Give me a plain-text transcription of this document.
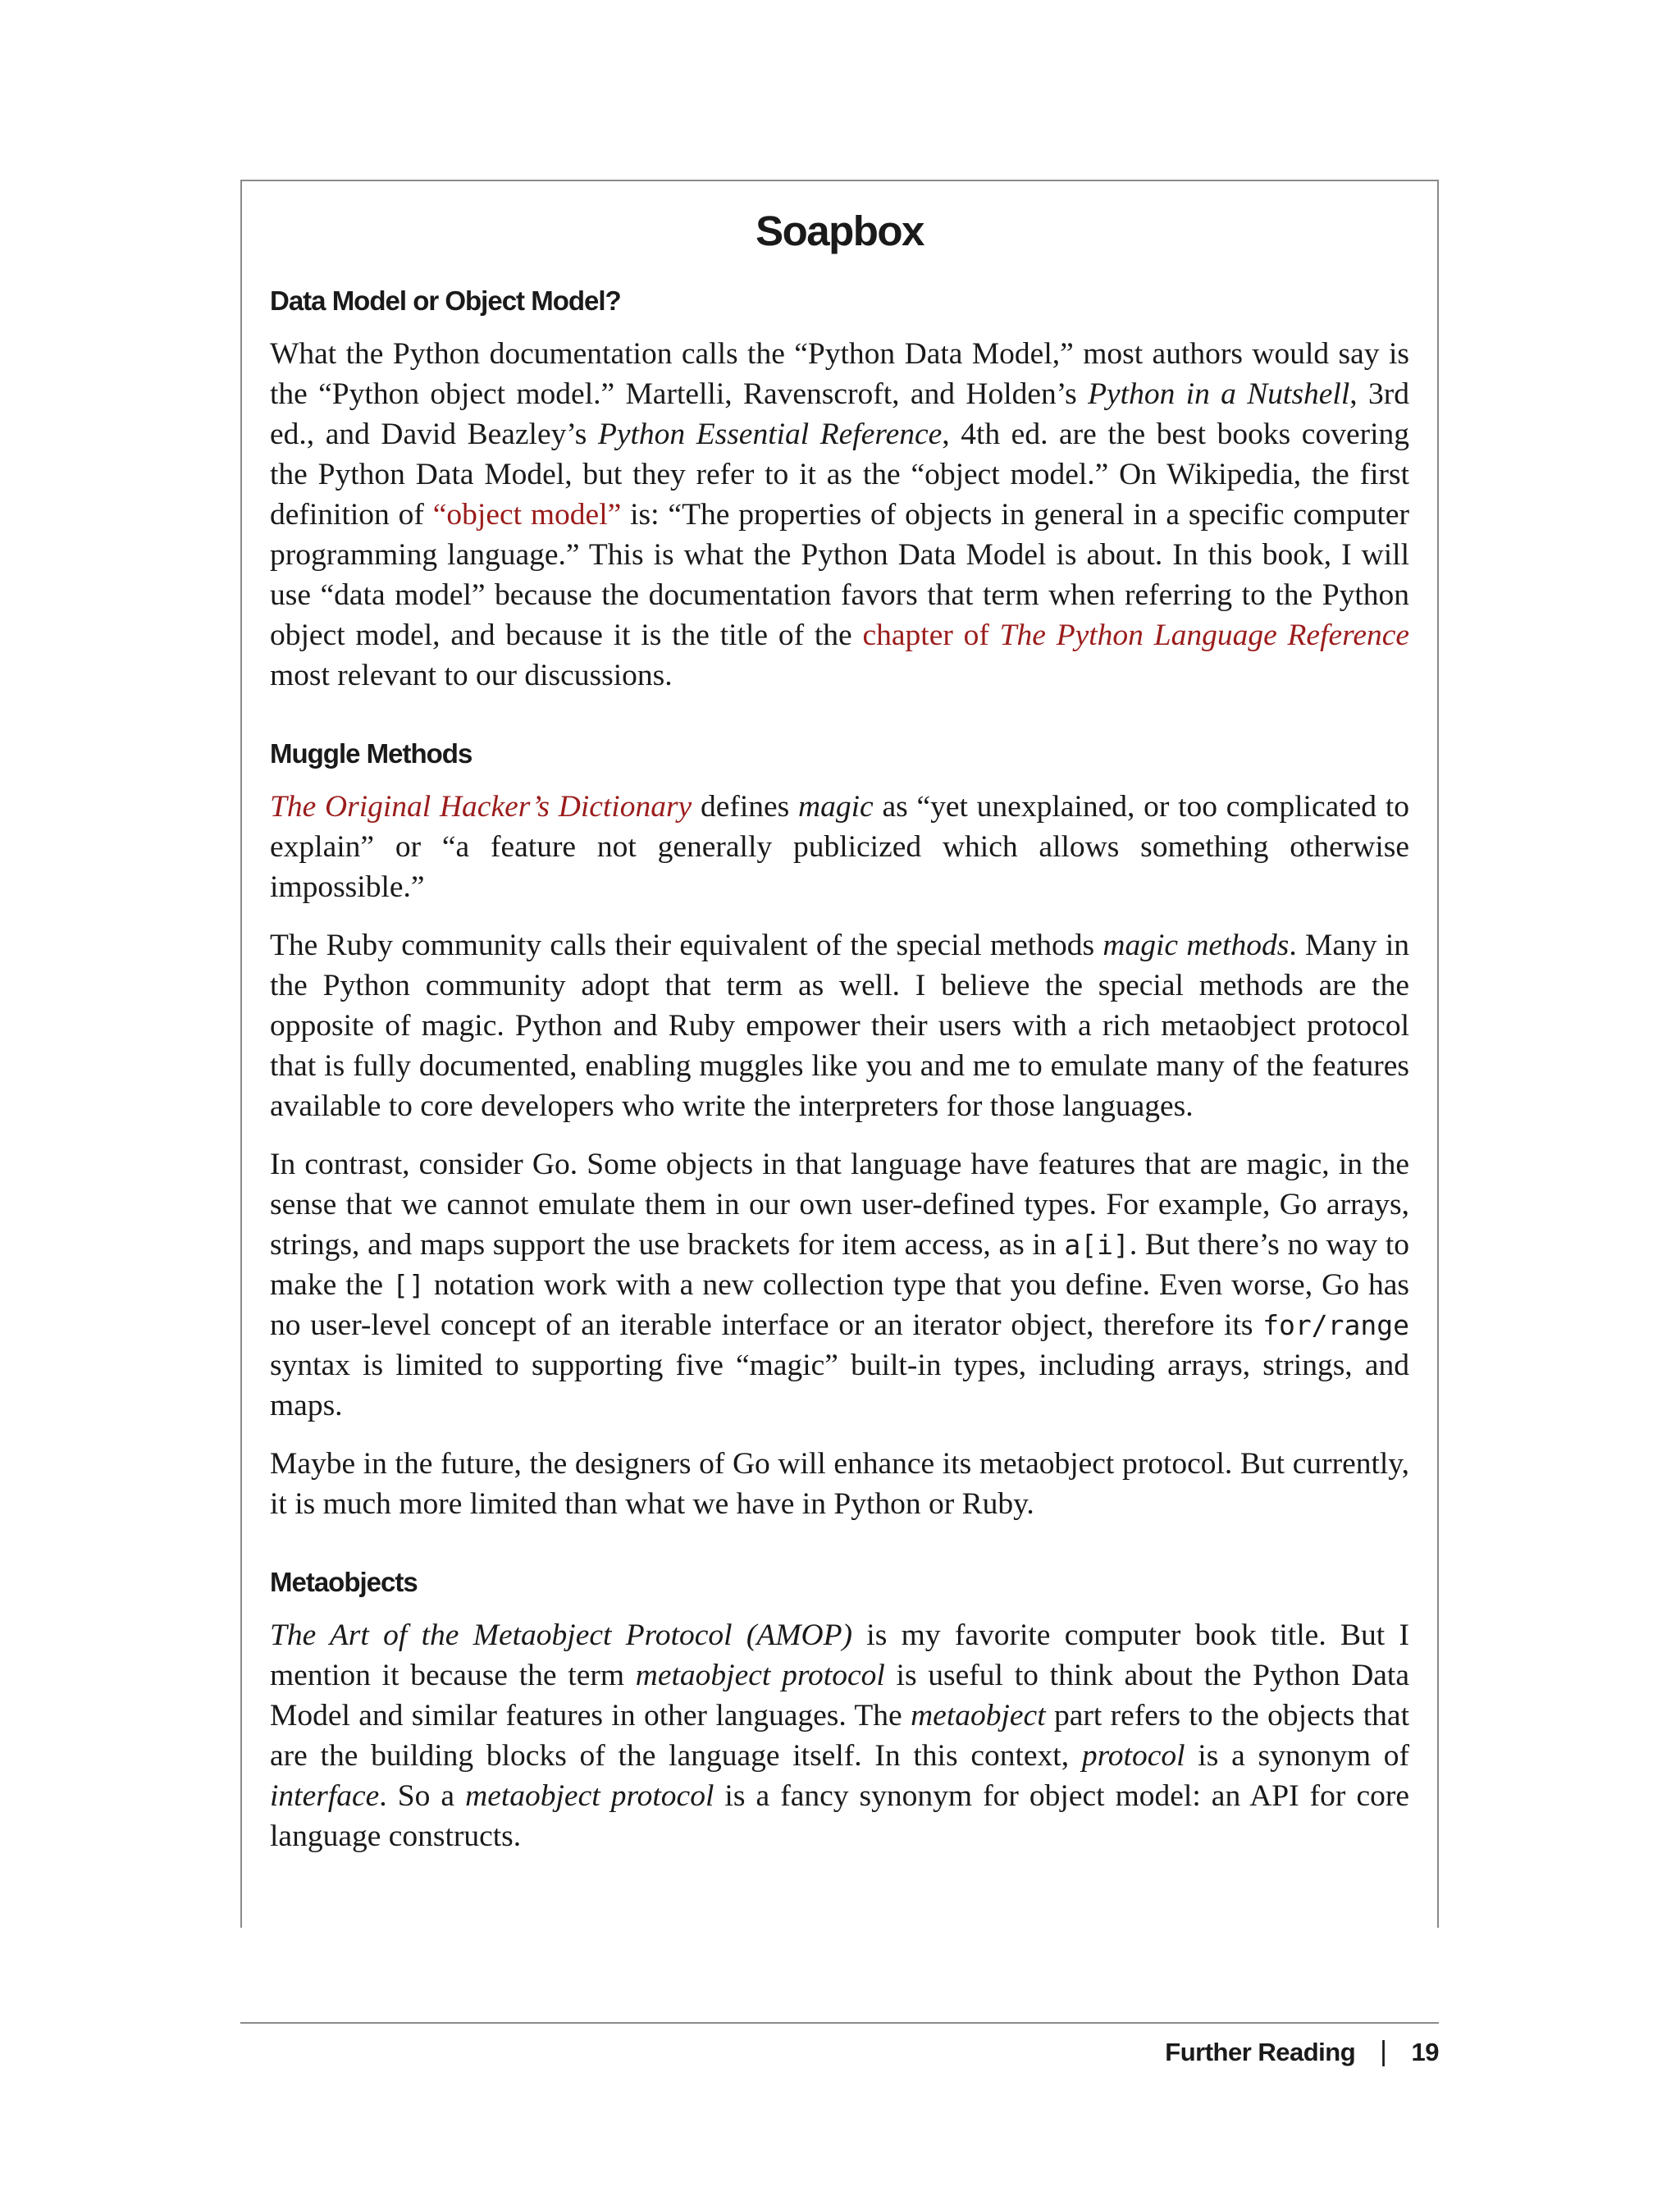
Soapbox
Data Model or Object Model?

What the Python documentation calls the “Python Data Model,” most authors would say is the “Python object model.” Martelli, Ravenscroft, and Holden’s Python in a Nutshell, 3rd ed., and David Beazley’s Python Essential Reference, 4th ed. are the best books covering the Python Data Model, but they refer to it as the “object model.” On Wikipedia, the first definition of “object model” is: “The properties of objects in general in a specific computer programming language.” This is what the Python Data Model is about. In this book, I will use “data model” because the documentation favors that term when referring to the Python object model, and because it is the title of the chapter of The Python Language Reference most relevant to our discussions.

Muggle Methods

The Original Hacker’s Dictionary defines magic as “yet unexplained, or too complicated to explain” or “a feature not generally publicized which allows something otherwise impossible.”

The Ruby community calls their equivalent of the special methods magic methods. Many in the Python community adopt that term as well. I believe the special methods are the opposite of magic. Python and Ruby empower their users with a rich metaobject protocol that is fully documented, enabling muggles like you and me to emulate many of the features available to core developers who write the interpreters for those languages.

In contrast, consider Go. Some objects in that language have features that are magic, in the sense that we cannot emulate them in our own user-defined types. For example, Go arrays, strings, and maps support the use brackets for item access, as in a[i]. But there’s no way to make the [] notation work with a new collection type that you define. Even worse, Go has no user-level concept of an iterable interface or an iterator object, therefore its for/range syntax is limited to supporting five “magic” built-in types, including arrays, strings, and maps.

Maybe in the future, the designers of Go will enhance its metaobject protocol. But currently, it is much more limited than what we have in Python or Ruby.

Metaobjects

The Art of the Metaobject Protocol (AMOP) is my favorite computer book title. But I mention it because the term metaobject protocol is useful to think about the Python Data Model and similar features in other languages. The metaobject part refers to the objects that are the building blocks of the language itself. In this context, protocol is a synonym of interface. So a metaobject protocol is a fancy synonym for object model: an API for core language constructs.

Further Reading | 19
